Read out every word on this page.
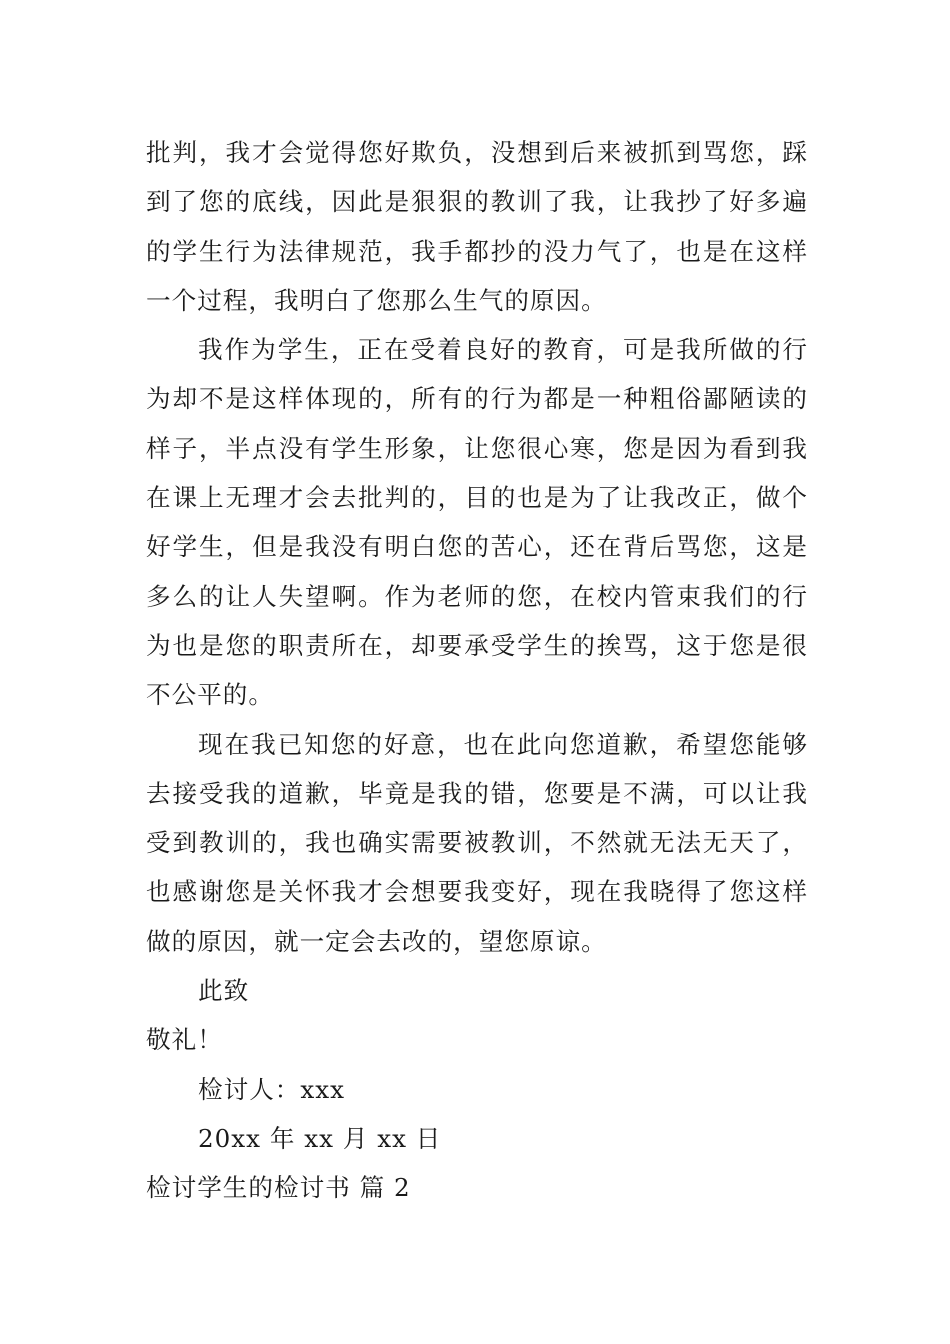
批判，我才会觉得您好欺负，没想到后来被抓到骂您，踩到了您的底线，因此是狠狠的教训了我，让我抄了好多遍的学生行为法律规范，我手都抄的没力气了，也是在这样一个过程，我明白了您那么生气的原因。

我作为学生，正在受着良好的教育，可是我所做的行为却不是这样体现的，所有的行为都是一种粗俗鄙陋读的样子，半点没有学生形象，让您很心寒，您是因为看到我在课上无理才会去批判的，目的也是为了让我改正，做个好学生，但是我没有明白您的苦心，还在背后骂您，这是多么的让人失望啊。作为老师的您，在校内管束我们的行为也是您的职责所在，却要承受学生的挨骂，这于您是很不公平的。

现在我已知您的好意，也在此向您道歉，希望您能够去接受我的道歉，毕竟是我的错，您要是不满，可以让我受到教训的，我也确实需要被教训，不然就无法无天了，也感谢您是关怀我才会想要我变好，现在我晓得了您这样做的原因，就一定会去改的，望您原谅。

此致

敬礼！

检讨人：xxx

20xx 年 xx 月 xx 日

检讨学生的检讨书 篇 2
